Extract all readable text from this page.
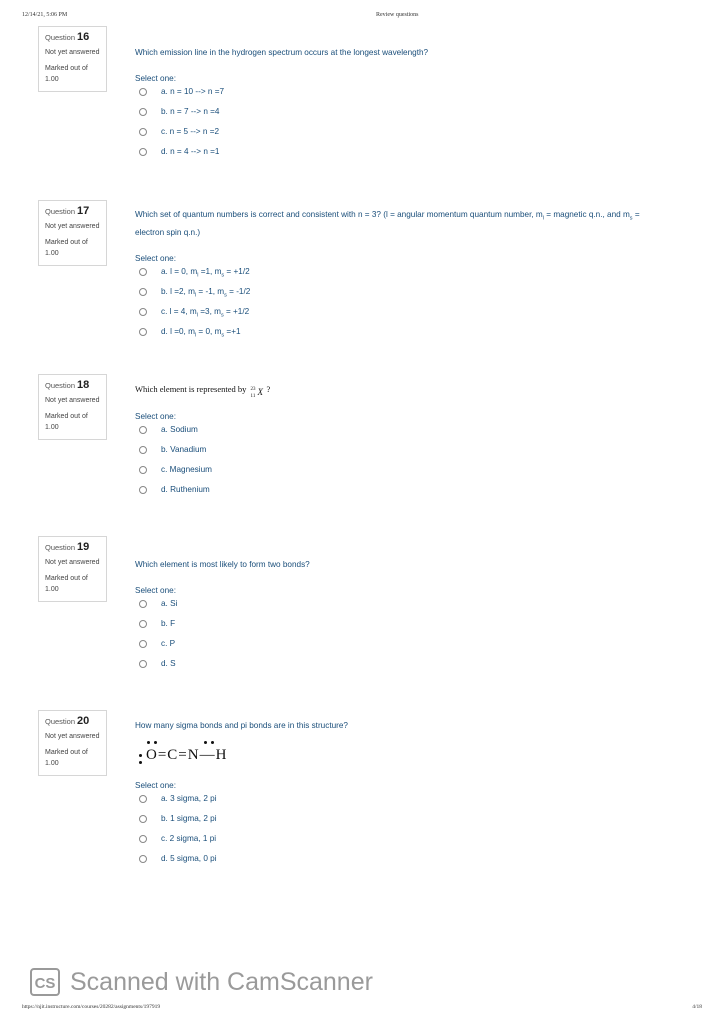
12/14/21, 5:06 PM	Review questions
Question 16
Not yet answered
Marked out of 1.00
Which emission line in the hydrogen spectrum occurs at the longest wavelength?
Select one:
a. n = 10 --> n =7
b. n = 7 --> n =4
c. n = 5 --> n =2
d. n = 4 --> n =1
Question 17
Not yet answered
Marked out of 1.00
Which set of quantum numbers is correct and consistent with n = 3? (l = angular momentum quantum number, $m_l$ = magnetic q.n., and $m_s$ = electron spin q.n.)
Select one:
a. l = 0, $m_l =1$, $m_s = +1/2$
b. l =2, $m_l = -1$, $m_s = -1/2$
c. l = 4, $m_l =3$, $m_s = +1/2$
d. l =0, $m_l = 0$, $m_s =+1$
Question 18
Not yet answered
Marked out of 1.00
Which element is represented by 23
11 X ?
Select one:
a. Sodium
b. Vanadium
c. Magnesium
d. Ruthenium
Question 19
Not yet answered
Marked out of 1.00
Which element is most likely to form two bonds?
Select one:
a. Si
b. F
c. P
d. S
Question 20
Not yet answered
Marked out of 1.00
How many sigma bonds and pi bonds are in this structure?
O=C=N—H
Select one:
a. 3 sigma, 2 pi
b. 1 sigma, 2 pi
c. 2 sigma, 1 pi
d. 5 sigma, 0 pi
CS Scanned with CamScanner
https://njit.instructure.com/courses/20282/assignments/197919	4/18
